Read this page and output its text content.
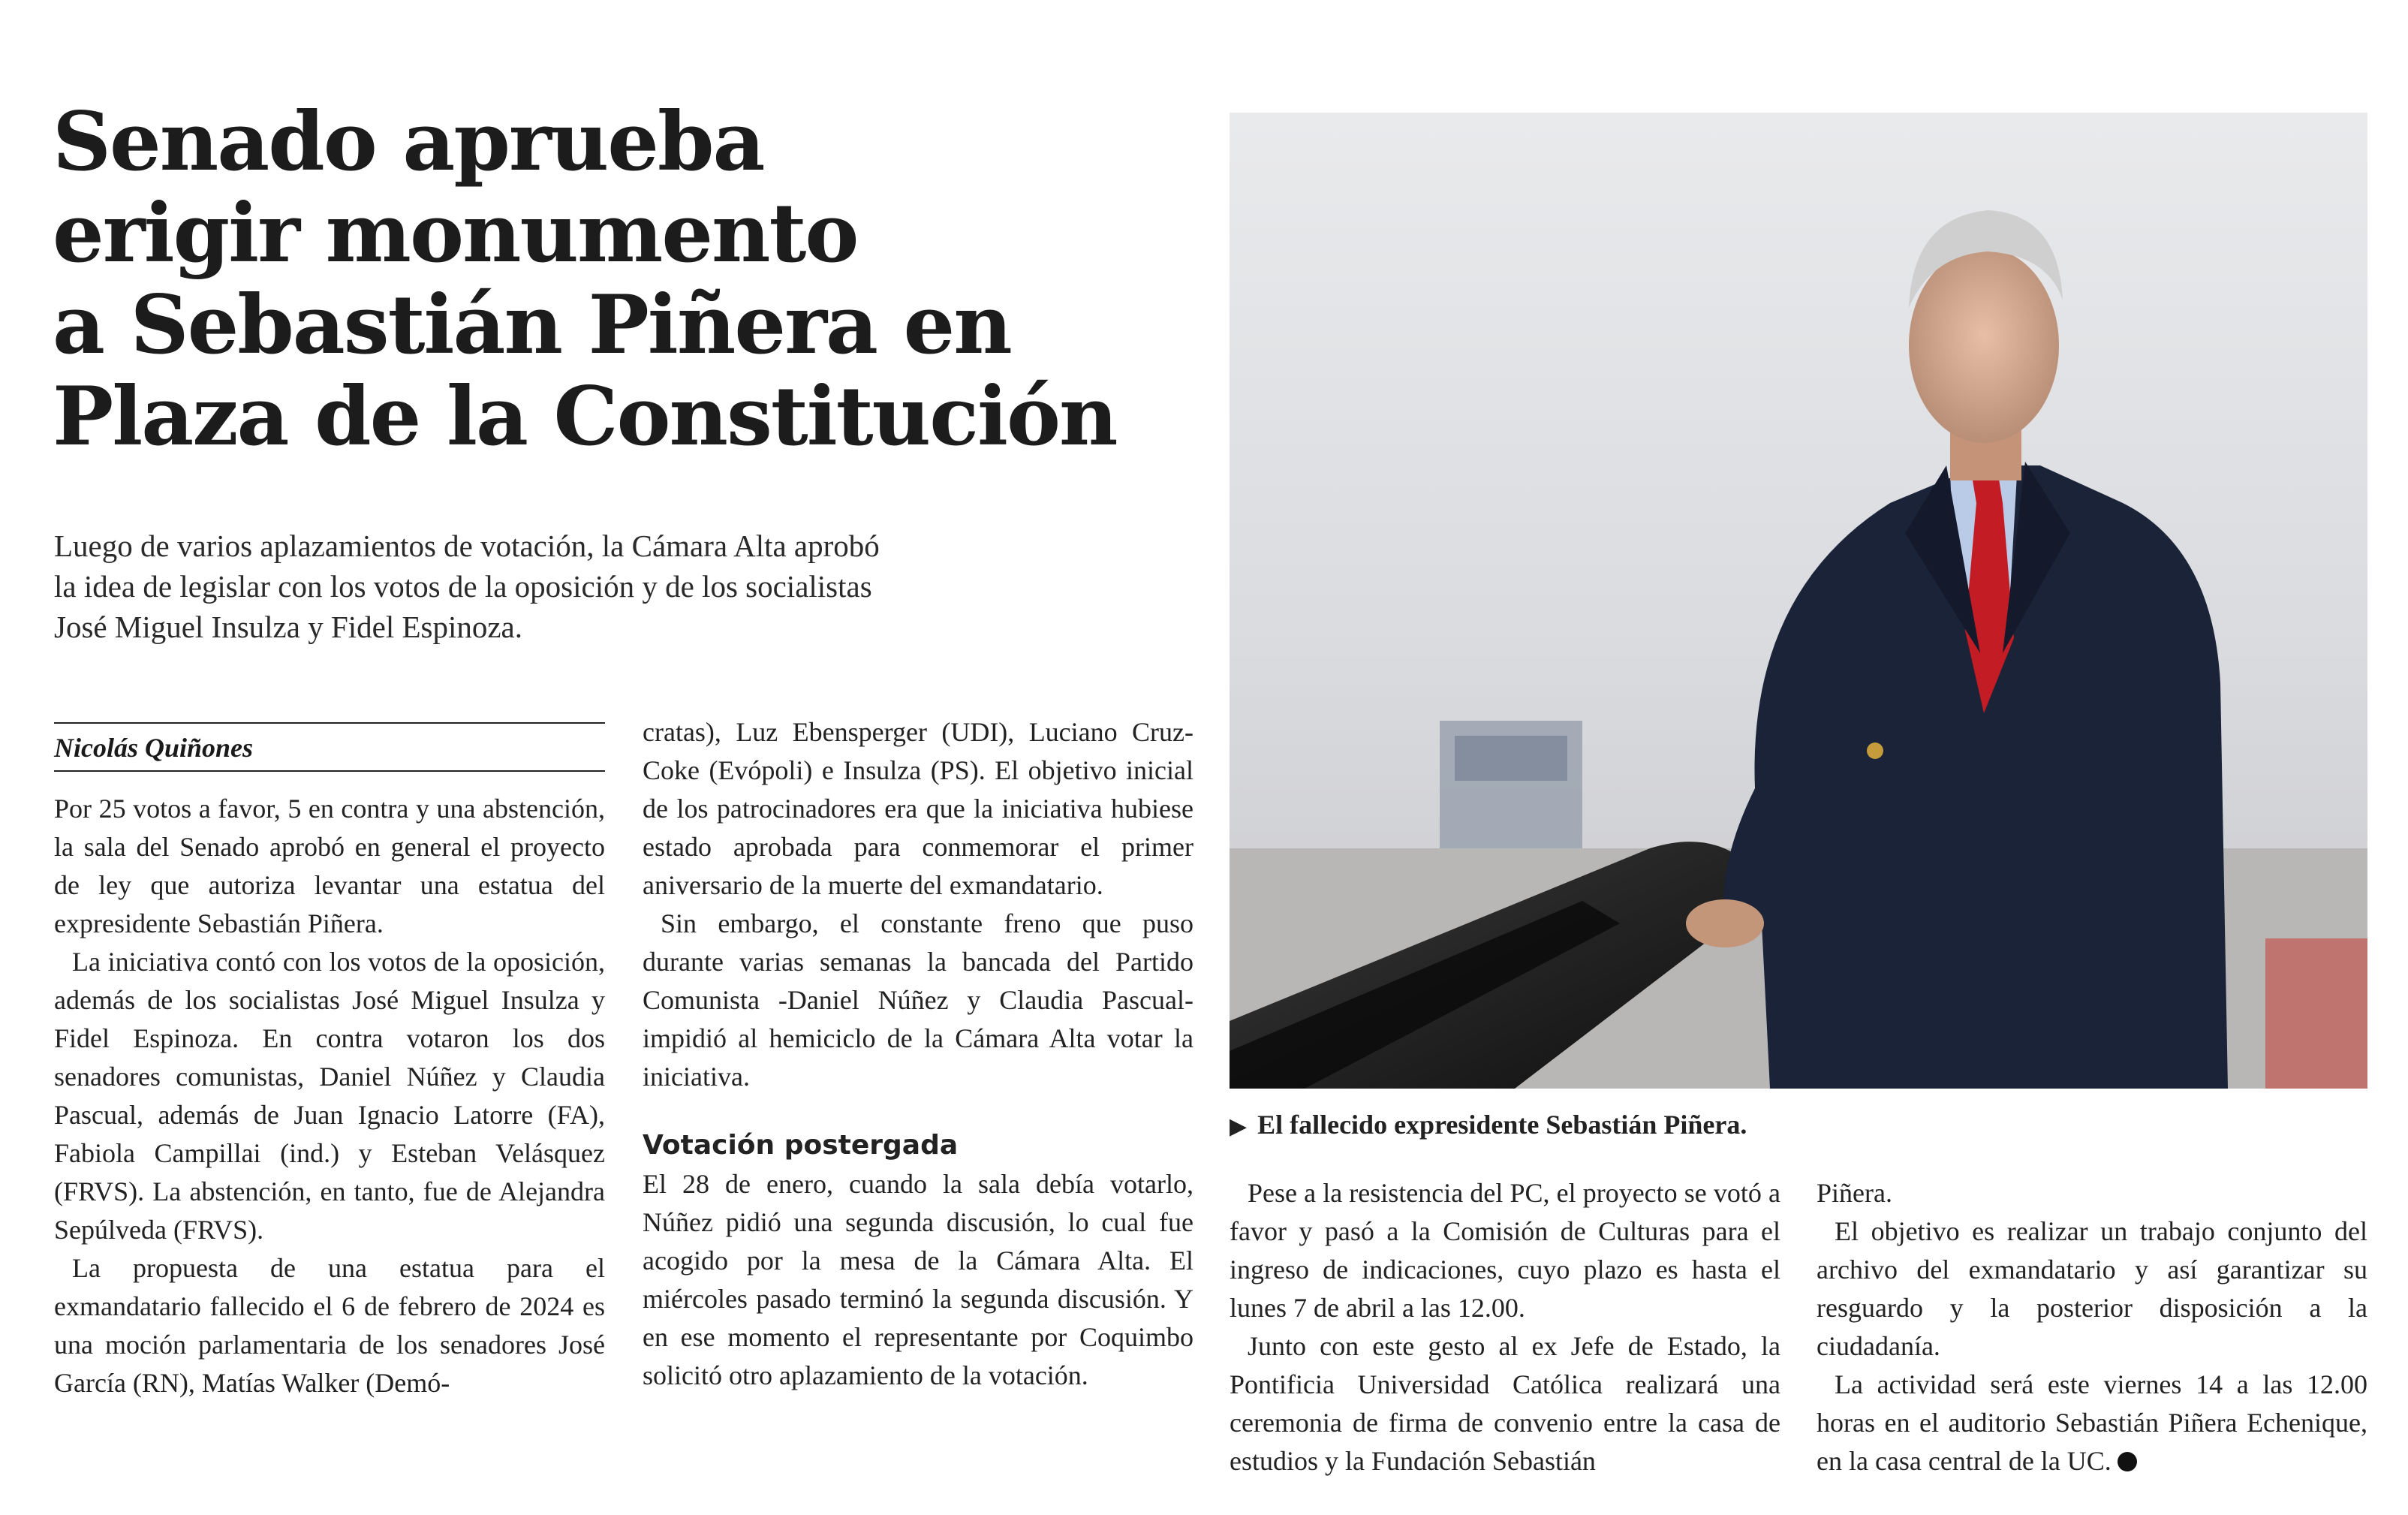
Senado aprueba
erigir monumento
a Sebastián Piñera en
Plaza de la Constitución

Luego de varios aplazamientos de votación, la Cámara Alta aprobó
la idea de legislar con los votos de la oposición y de los socialistas
José Miguel Insulza y Fidel Espinoza.

Nicolás Quiñones

Por 25 votos a favor, 5 en contra y una abstención, la sala del Senado aprobó en general el proyecto de ley que autoriza levantar una estatua del expresidente Sebastián Piñera.

La iniciativa contó con los votos de la oposición, además de los socialistas José Miguel Insulza y Fidel Espinoza. En contra votaron los dos senadores comunistas, Daniel Núñez y Claudia Pascual, además de Juan Ignacio Latorre (FA), Fabiola Campillai (ind.) y Esteban Velásquez (FRVS). La abstención, en tanto, fue de Alejandra Sepúlveda (FRVS).

La propuesta de una estatua para el exmandatario fallecido el 6 de febrero de 2024 es una moción parlamentaria de los senadores José García (RN), Matías Walker (Demó-

cratas), Luz Ebensperger (UDI), Luciano Cruz-Coke (Evópoli) e Insulza (PS). El objetivo inicial de los patrocinadores era que la iniciativa hubiese estado aprobada para conmemorar el primer aniversario de la muerte del exmandatario.

Sin embargo, el constante freno que puso durante varias semanas la bancada del Partido Comunista -Daniel Núñez y Claudia Pascual- impidió al hemiciclo de la Cámara Alta votar la iniciativa.

Votación postergada

El 28 de enero, cuando la sala debía votarlo, Núñez pidió una segunda discusión, lo cual fue acogido por la mesa de la Cámara Alta. El miércoles pasado terminó la segunda discusión. Y en ese momento el representante por Coquimbo solicitó otro aplazamiento de la votación.

▶ El fallecido expresidente Sebastián Piñera.

Pese a la resistencia del PC, el proyecto se votó a favor y pasó a la Comisión de Culturas para el ingreso de indicaciones, cuyo plazo es hasta el lunes 7 de abril a las 12.00.

Junto con este gesto al ex Jefe de Estado, la Pontificia Universidad Católica realizará una ceremonia de firma de convenio entre la casa de estudios y la Fundación Sebastián

Piñera.

El objetivo es realizar un trabajo conjunto del archivo del exmandatario y así garantizar su resguardo y la posterior disposición a la ciudadanía.

La actividad será este viernes 14 a las 12.00 horas en el auditorio Sebastián Piñera Echenique, en la casa central de la UC.
